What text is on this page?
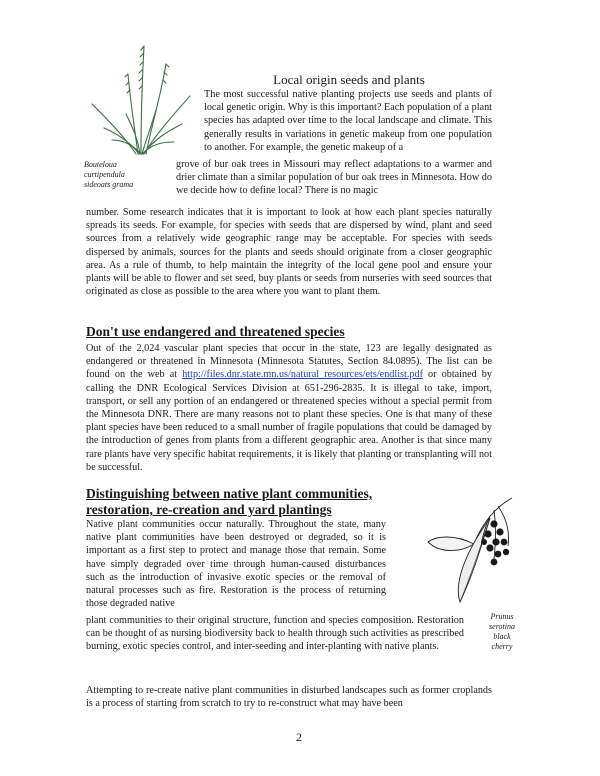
Bouteloua curtipendula sideoats grama
Local origin seeds and plants

The most successful native planting projects use seeds and plants of local genetic origin. Why is this important? Each population of a plant species has adapted over time to the local landscape and climate. This generally results in variations in genetic makeup from one population to another. For example, the genetic makeup of a

grove of bur oak trees in Missouri may reflect adaptations to a warmer and drier climate than a similar population of bur oak trees in Minnesota. How do we decide how to define local? There is no magic

number. Some research indicates that it is important to look at how each plant species naturally spreads its seeds. For example, for species with seeds that are dispersed by wind, plant and seed sources from a relatively wide geographic range may be acceptable. For species with seeds dispersed by animals, sources for the plants and seeds should originate from a closer geographic area. As a rule of thumb, to help maintain the integrity of the local gene pool and ensure your plants will be able to flower and set seed, buy plants or seeds from nurseries with seed sources that originated as close as possible to the area where you want to plant them.

Don't use endangered and threatened species

Out of the 2,024 vascular plant species that occur in the state, 123 are legally designated as endangered or threatened in Minnesota (Minnesota Statutes, Section 84.0895). The list can be found on the web at http://files.dnr.state.mn.us/natural_resources/ets/endlist.pdf or obtained by calling the DNR Ecological Services Division at 651-296-2835. It is illegal to take, import, transport, or sell any portion of an endangered or threatened species without a special permit from the Minnesota DNR. There are many reasons not to plant these species. One is that many of these plant species have been reduced to a small number of fragile populations that could be damaged by the introduction of genes from plants from a different geographic area. Another is that since many rare plants have very specific habitat requirements, it is likely that planting or transplanting will not be successful.

Distinguishing between native plant communities,
restoration, re-creation and yard plantings

Native plant communities occur naturally. Throughout the state, many native plant communities have been destroyed or degraded, so it is important as a first step to protect and manage those that remain. Some have simply degraded over time through human-caused disturbances such as the introduction of invasive exotic species or the removal of natural processes such as fire. Restoration is the process of returning those degraded native

Prunus serotina black cherry

plant communities to their original structure, function and species composition. Restoration can be thought of as nursing biodiversity back to health through such activities as prescribed burning, exotic species control, and inter-seeding and inter-planting with native plants.

Attempting to re-create native plant communities in disturbed landscapes such as former croplands is a process of starting from scratch to try to re-construct what may have been

2
